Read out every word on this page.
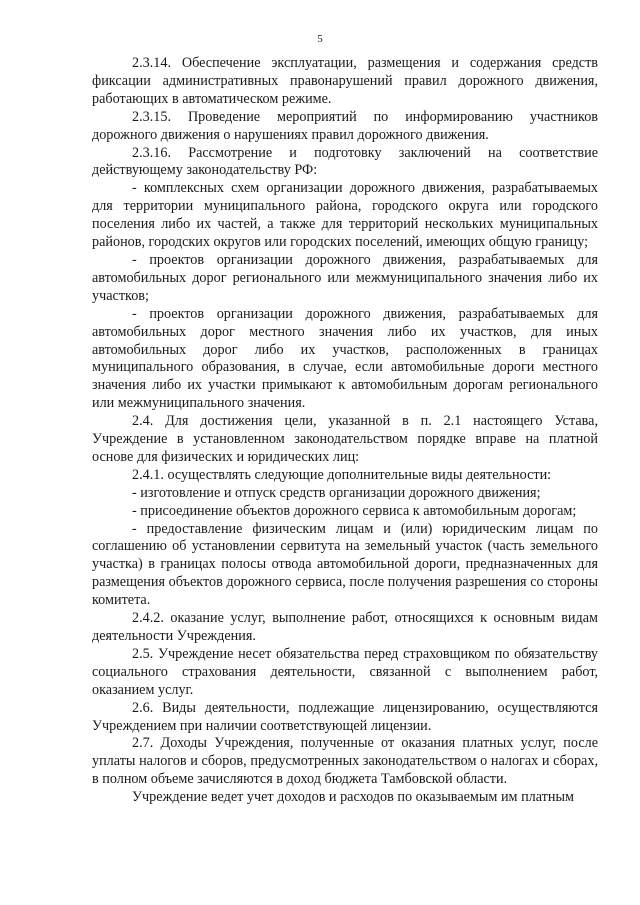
5

2.3.14. Обеспечение эксплуатации, размещения и содержания средств фиксации административных правонарушений правил дорожного движения, работающих в автоматическом режиме.

2.3.15. Проведение мероприятий по информированию участников дорожного движения о нарушениях правил дорожного движения.

2.3.16. Рассмотрение и подготовку заключений на соответствие действующему законодательству РФ:

- комплексных схем организации дорожного движения, разрабатываемых для территории муниципального района, городского округа или городского поселения либо их частей, а также для территорий нескольких муниципальных районов, городских округов или городских поселений, имеющих общую границу;

- проектов организации дорожного движения, разрабатываемых для автомобильных дорог регионального или межмуниципального значения либо их участков;

- проектов организации дорожного движения, разрабатываемых для автомобильных дорог местного значения либо их участков, для иных автомобильных дорог либо их участков, расположенных в границах муниципального образования, в случае, если автомобильные дороги местного значения либо их участки примыкают к автомобильным дорогам регионального или межмуниципального значения.

2.4. Для достижения цели, указанной в п. 2.1 настоящего Устава, Учреждение в установленном законодательством порядке вправе на платной основе для физических и юридических лиц:

2.4.1. осуществлять следующие дополнительные виды деятельности:

- изготовление и отпуск средств организации дорожного движения;

- присоединение объектов дорожного сервиса к автомобильным дорогам;

- предоставление физическим лицам и (или) юридическим лицам по соглашению об установлении сервитута на земельный участок (часть земельного участка) в границах полосы отвода автомобильной дороги, предназначенных для размещения объектов дорожного сервиса, после получения разрешения со стороны комитета.

2.4.2. оказание услуг, выполнение работ, относящихся к основным видам деятельности Учреждения.

2.5. Учреждение несет обязательства перед страховщиком по обязательству социального страхования деятельности, связанной с выполнением работ, оказанием услуг.

2.6. Виды деятельности, подлежащие лицензированию, осуществляются Учреждением при наличии соответствующей лицензии.

2.7. Доходы Учреждения, полученные от оказания платных услуг, после уплаты налогов и сборов, предусмотренных законодательством о налогах и сборах, в полном объеме зачисляются в доход бюджета Тамбовской области.

Учреждение ведет учет доходов и расходов по оказываемым им платным
